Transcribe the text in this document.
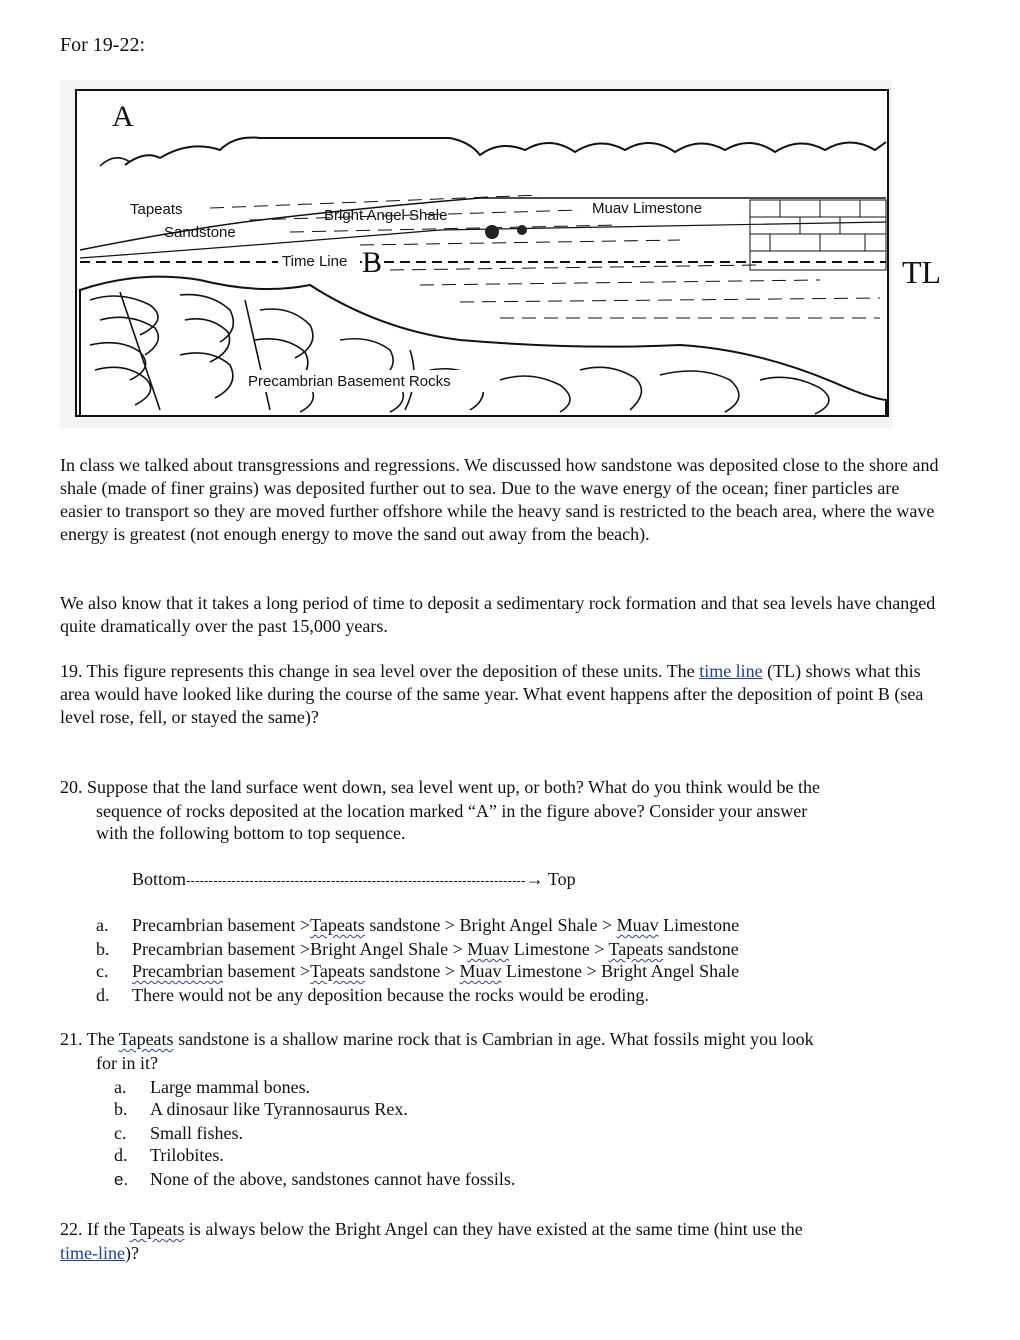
For 19-22:
A
Tapeats
Sandstone
Bright Angel Shale	Muav Limestone
Time Line B
Precambrian Basement Rocks
TL
In class we talked about transgressions and regressions. We discussed how sandstone was deposited close to the shore and shale (made of finer grains) was deposited further out to sea. Due to the wave energy of the ocean; finer particles are easier to transport so they are moved further offshore while the heavy sand is restricted to the beach area, where the wave energy is greatest (not enough energy to move the sand out away from the beach).
We also know that it takes a long period of time to deposit a sedimentary rock formation and that sea levels have changed quite dramatically over the past 15,000 years.
19. This figure represents this change in sea level over the deposition of these units. The time line (TL) shows what this area would have looked like during the course of the same year. What event happens after the deposition of point B (sea level rose, fell, or stayed the same)?
20. Suppose that the land surface went down, sea level went up, or both? What do you think would be the
sequence of rocks deposited at the location marked “A” in the figure above? Consider your answer
with the following bottom to top sequence.
Bottom---------------------------------------------------------------------------→ Top
a. Precambrian basement >Tapeats sandstone > Bright Angel Shale > Muav Limestone
b. Precambrian basement >Bright Angel Shale > Muav Limestone > Tapeats sandstone
c. Precambrian basement >Tapeats sandstone > Muav Limestone > Bright Angel Shale
d. There would not be any deposition because the rocks would be eroding.
21. The Tapeats sandstone is a shallow marine rock that is Cambrian in age. What fossils might you look
for in it?
a. Large mammal bones.
b. A dinosaur like Tyrannosaurus Rex.
c. Small fishes.
d. Trilobites.
e. None of the above, sandstones cannot have fossils.
22. If the Tapeats is always below the Bright Angel can they have existed at the same time (hint use the
time-line)?
